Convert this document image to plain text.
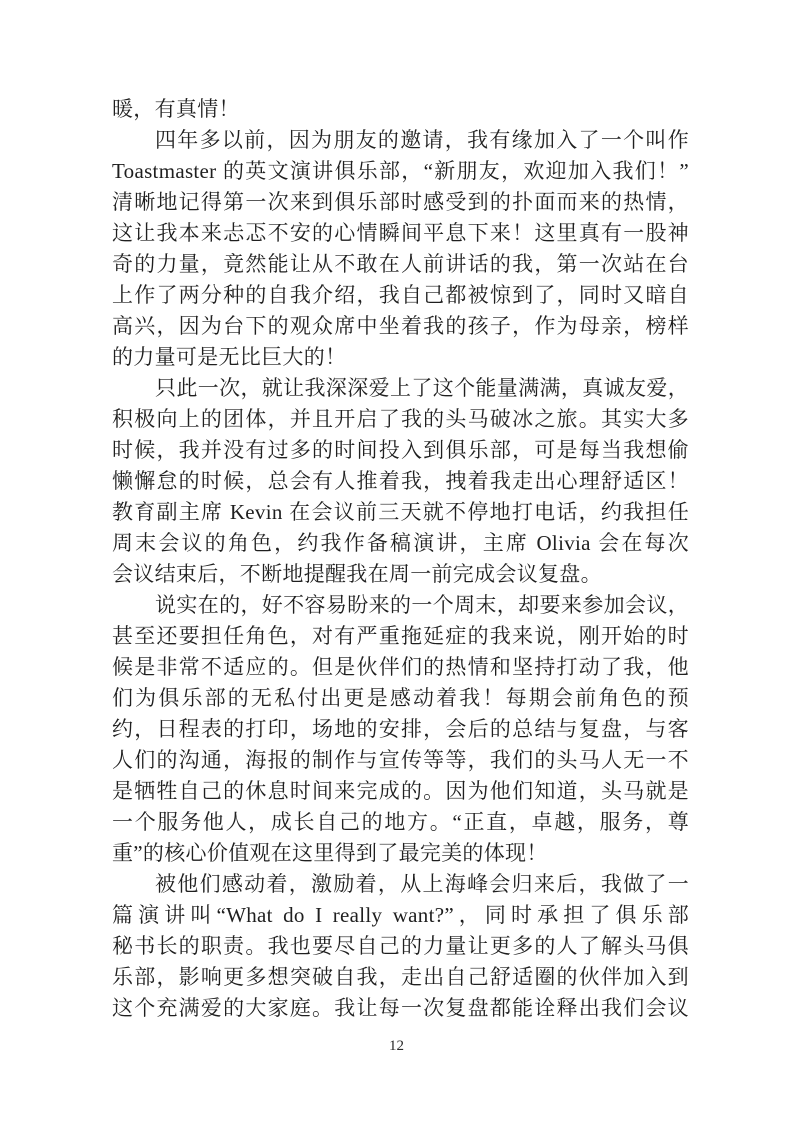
暖，有真情！
四年多以前，因为朋友的邀请，我有缘加入了一个叫作
Toastmaster 的英文演讲俱乐部，“新朋友，欢迎加入我们！”
清晰地记得第一次来到俱乐部时感受到的扑面而来的热情，
这让我本来忐忑不安的心情瞬间平息下来！这里真有一股神
奇的力量，竟然能让从不敢在人前讲话的我，第一次站在台
上作了两分种的自我介绍，我自己都被惊到了，同时又暗自
高兴，因为台下的观众席中坐着我的孩子，作为母亲，榜样
的力量可是无比巨大的！
只此一次，就让我深深爱上了这个能量满满，真诚友爱，
积极向上的团体，并且开启了我的头马破冰之旅。其实大多
时候，我并没有过多的时间投入到俱乐部，可是每当我想偷
懒懈怠的时候，总会有人推着我，拽着我走出心理舒适区！
教育副主席 Kevin 在会议前三天就不停地打电话，约我担任
周末会议的角色，约我作备稿演讲，主席 Olivia 会在每次
会议结束后，不断地提醒我在周一前完成会议复盘。
说实在的，好不容易盼来的一个周末，却要来参加会议，
甚至还要担任角色，对有严重拖延症的我来说，刚开始的时
候是非常不适应的。但是伙伴们的热情和坚持打动了我，他
们为俱乐部的无私付出更是感动着我！每期会前角色的预
约，日程表的打印，场地的安排，会后的总结与复盘，与客
人们的沟通，海报的制作与宣传等等，我们的头马人无一不
是牺牲自己的休息时间来完成的。因为他们知道，头马就是
一个服务他人，成长自己的地方。“正直，卓越，服务，尊
重”的核心价值观在这里得到了最完美的体现！
被他们感动着，激励着，从上海峰会归来后，我做了一
篇演讲叫“What do I really want?”，同时承担了俱乐部
秘书长的职责。我也要尽自己的力量让更多的人了解头马俱
乐部，影响更多想突破自我，走出自己舒适圈的伙伴加入到
这个充满爱的大家庭。我让每一次复盘都能诠释出我们会议
12
